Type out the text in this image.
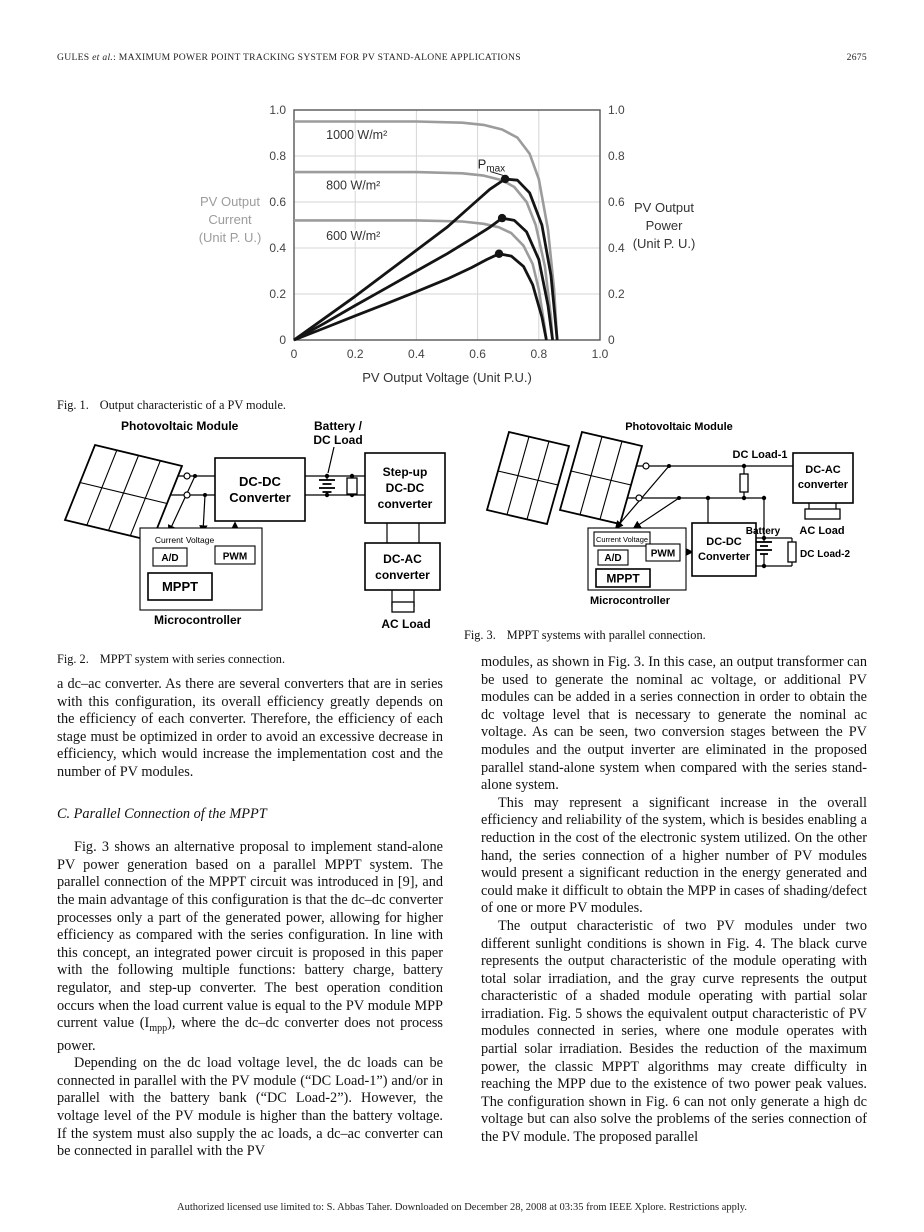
GULES et al.: MAXIMUM POWER POINT TRACKING SYSTEM FOR PV STAND-ALONE APPLICATIONS	2675
0	0.2	0.4	0.6	0.8	1.0
0	0
0.2	0.2
0.4	0.4
0.6	0.6
0.8	0.8
1.0	1.0
1000 W/m²
800 W/m²
600 W/m²
$P_{max}$
PV Output Voltage (Unit P.U.)
PV Output
Current
(Unit P. U.)
PV Output
Power
(Unit P. U.)
Fig. 1. Output characteristic of a PV module.
Photovoltaic Module	Battery /
DC Load
DC-DC
Converter
Step-up
DC-DC
converter
DC-AC
converter
AC Load
Current Voltage
A/D	PWM
MPPT
Microcontroller
Fig. 2. MPPT system with series connection.
Photovoltaic Module
DC Load-1
DC-AC
converter
AC Load
Current Voltage
A/D	PWM
MPPT
Microcontroller
DC-DC
Converter
Battery
DC Load-2
Fig. 3. MPPT systems with parallel connection.

a dc–ac converter. As there are several converters that are in series with this configuration, its overall efficiency greatly depends on the efficiency of each converter. Therefore, the efficiency of each stage must be optimized in order to avoid an excessive decrease in efficiency, which would increase the implementation cost and the number of PV modules.

C. Parallel Connection of the MPPT

Fig. 3 shows an alternative proposal to implement stand-alone PV power generation based on a parallel MPPT system. The parallel connection of the MPPT circuit was introduced in [9], and the main advantage of this configuration is that the dc–dc converter processes only a part of the generated power, allowing for higher efficiency as compared with the series configuration. In line with this concept, an integrated power circuit is proposed in this paper with the following multiple functions: battery charge, battery regulator, and step-up converter. The best operation condition occurs when the load current value is equal to the PV module MPP current value $(I_{mpp})$, where the dc–dc converter does not process power.

Depending on the dc load voltage level, the dc loads can be connected in parallel with the PV module (“DC Load-1”) and/or in parallel with the battery bank (“DC Load-2”). However, the voltage level of the PV module is higher than the battery voltage. If the system must also supply the ac loads, a dc–ac converter can be connected in parallel with the PV

modules, as shown in Fig. 3. In this case, an output transformer can be used to generate the nominal ac voltage, or additional PV modules can be added in a series connection in order to obtain the dc voltage level that is necessary to generate the nominal ac voltage. As can be seen, two conversion stages between the PV modules and the output inverter are eliminated in the proposed parallel stand-alone system when compared with the series stand-alone system.

This may represent a significant increase in the overall efficiency and reliability of the system, which is besides enabling a reduction in the cost of the electronic system utilized. On the other hand, the series connection of a higher number of PV modules would present a significant reduction in the energy generated and could make it difficult to obtain the MPP in cases of shading/defect of one or more PV modules.

The output characteristic of two PV modules under two different sunlight conditions is shown in Fig. 4. The black curve represents the output characteristic of the module operating with total solar irradiation, and the gray curve represents the output characteristic of a shaded module operating with partial solar irradiation. Fig. 5 shows the equivalent output characteristic of PV modules connected in series, where one module operates with partial solar irradiation. Besides the reduction of the maximum power, the classic MPPT algorithms may create difficulty in reaching the MPP due to the existence of two power peak values. The configuration shown in Fig. 6 can not only generate a high dc voltage but can also solve the problems of the series connection of the PV module. The proposed parallel

Authorized licensed use limited to: S. Abbas Taher. Downloaded on December 28, 2008 at 03:35 from IEEE Xplore. Restrictions apply.
